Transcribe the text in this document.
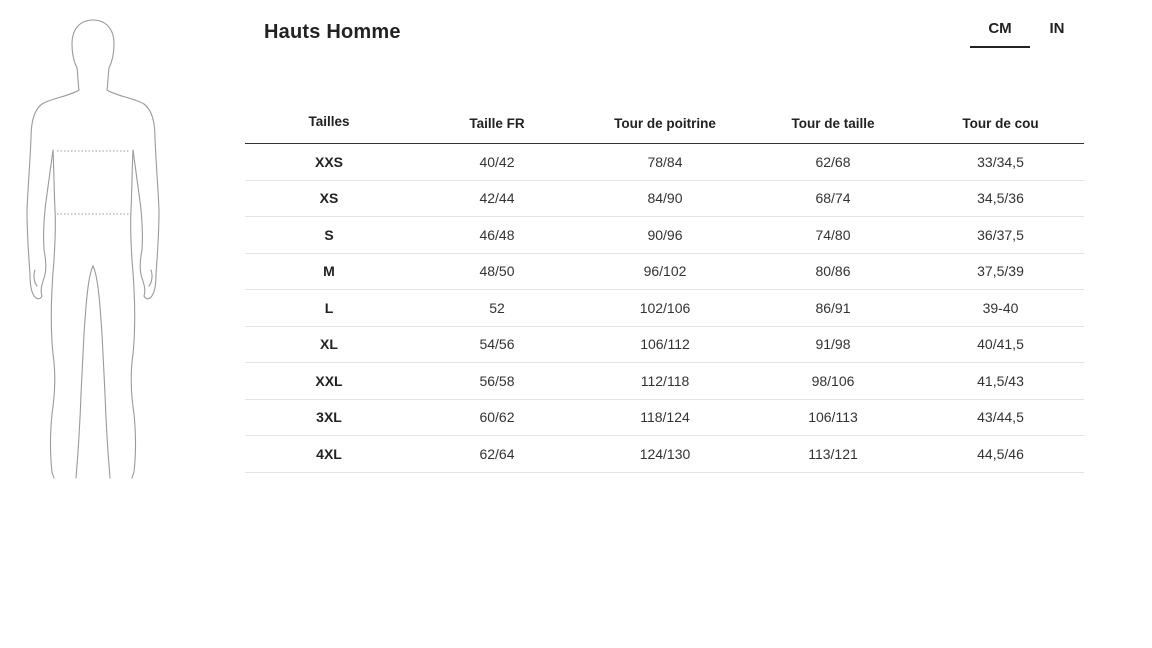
Hauts Homme	CM	IN
Tailles	Taille FR	Tour de poitrine	Tour de taille	Tour de cou
XXS	40/42	78/84	62/68	33/34,5
XS	42/44	84/90	68/74	34,5/36
S	46/48	90/96	74/80	36/37,5
M	48/50	96/102	80/86	37,5/39
L	52	102/106	86/91	39-40
XL	54/56	106/112	91/98	40/41,5
XXL	56/58	112/118	98/106	41,5/43
3XL	60/62	118/124	106/113	43/44,5
4XL	62/64	124/130	113/121	44,5/46
